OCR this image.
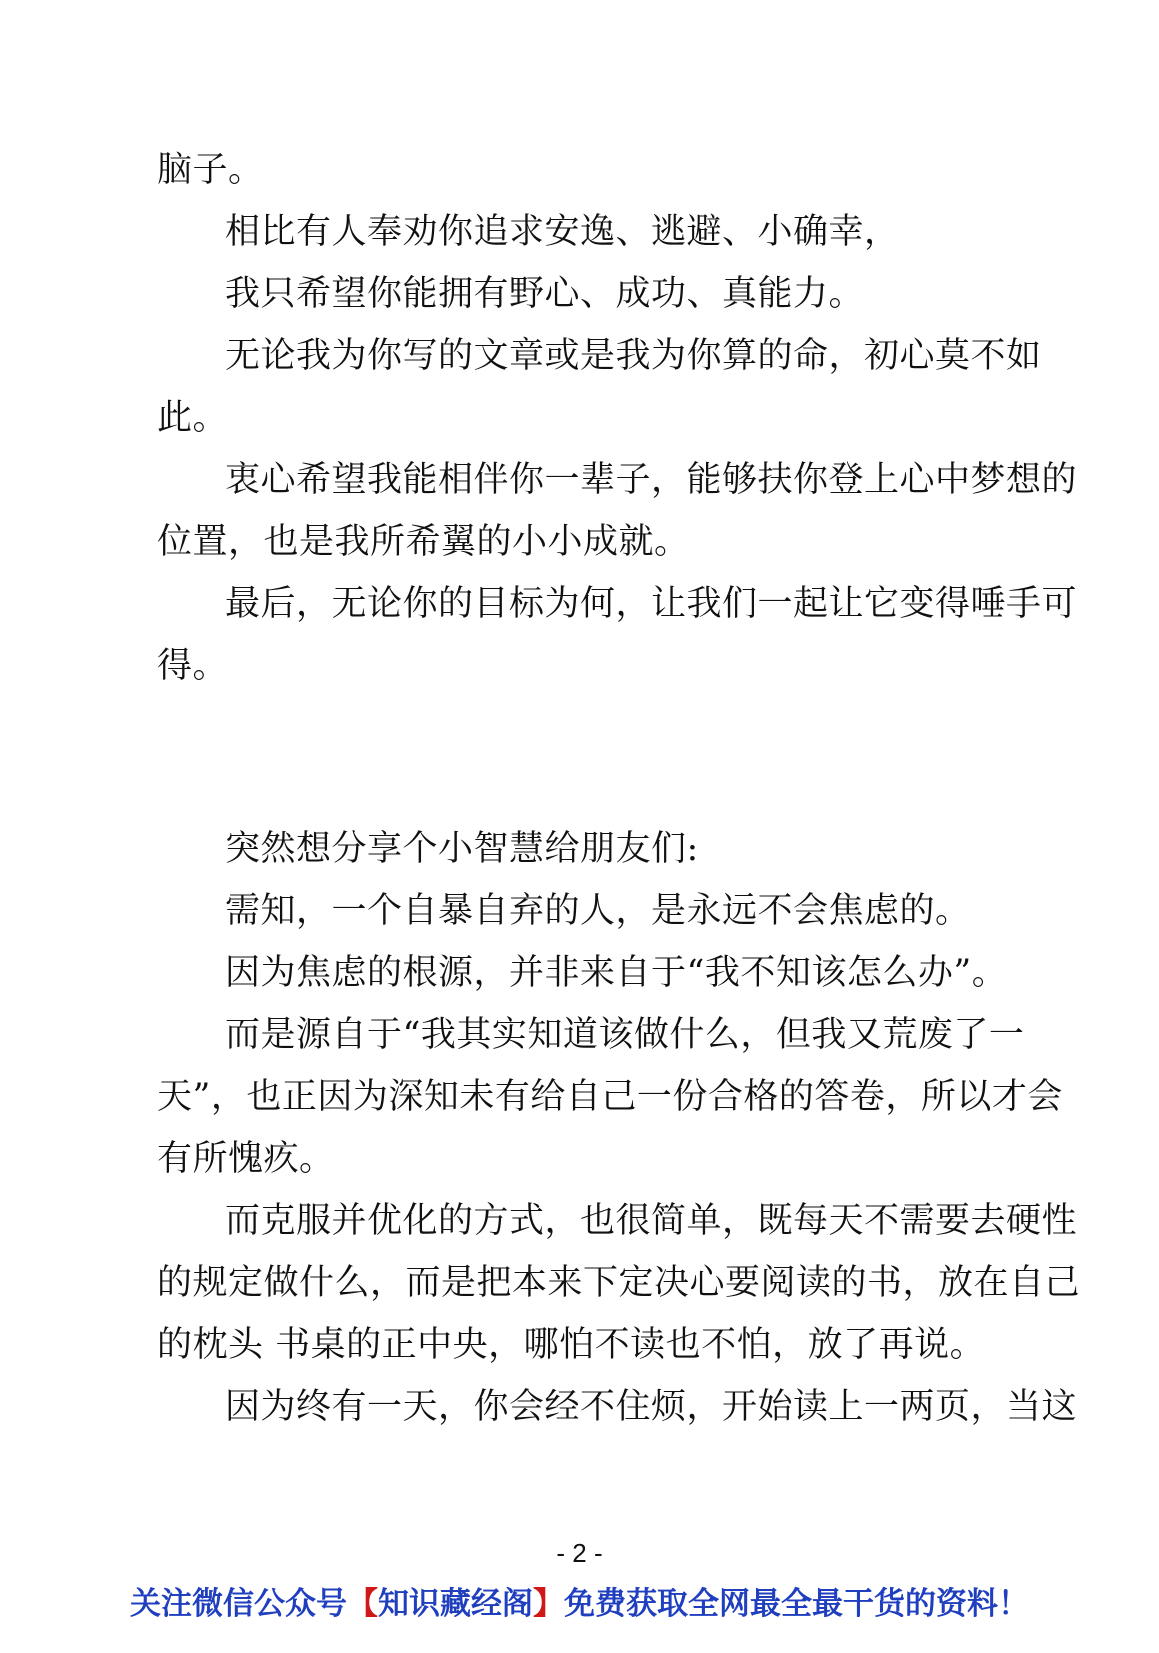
脑子。
相比有人奉劝你追求安逸、逃避、小确幸，
我只希望你能拥有野心、成功、真能力。
无论我为你写的文章或是我为你算的命，初心莫不如
此。
衷心希望我能相伴你一辈子，能够扶你登上心中梦想的
位置，也是我所希翼的小小成就。
最后，无论你的目标为何，让我们一起让它变得唾手可
得。
突然想分享个小智慧给朋友们:
需知，一个自暴自弃的人，是永远不会焦虑的。
因为焦虑的根源，并非来自于“我不知该怎么办”。
而是源自于“我其实知道该做什么，但我又荒废了一
天”，也正因为深知未有给自己一份合格的答卷，所以才会
有所愧疚。
而克服并优化的方式，也很简单，既每天不需要去硬性
的规定做什么，而是把本来下定决心要阅读的书，放在自己
的枕头 书桌的正中央，哪怕不读也不怕，放了再说。
因为终有一天，你会经不住烦，开始读上一两页，当这
- 2 -
关注微信公众号【知识藏经阁】免费获取全网最全最干货的资料！
